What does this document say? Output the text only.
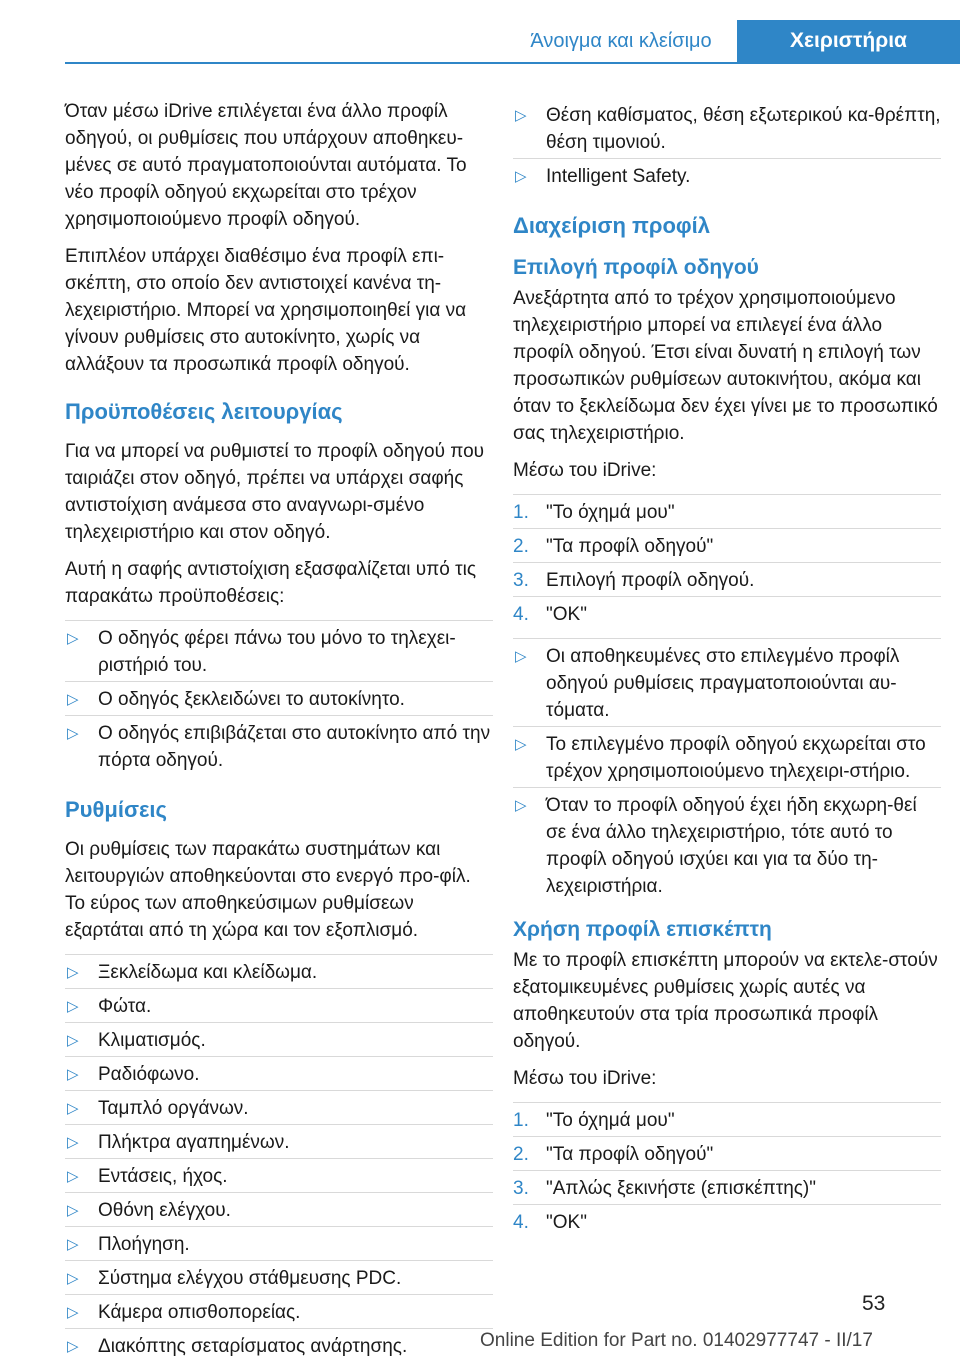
Άνοιγμα και κλείσιμο	Χειριστήρια

Όταν μέσω iDrive επιλέγεται ένα άλλο προφίλ οδηγού, οι ρυθμίσεις που υπάρχουν αποθηκευ‐μένες σε αυτό πραγματοποιούνται αυτόματα. Το νέο προφίλ οδηγού εκχωρείται στο τρέχον χρησιμοποιούμενο προφίλ οδηγού.

Επιπλέον υπάρχει διαθέσιμο ένα προφίλ επι‐σκέπτη, στο οποίο δεν αντιστοιχεί κανένα τη‐λεχειριστήριο. Μπορεί να χρησιμοποιηθεί για να γίνουν ρυθμίσεις στο αυτοκίνητο, χωρίς να αλλάξουν τα προσωπικά προφίλ οδηγού.

Προϋποθέσεις λειτουργίας

Για να μπορεί να ρυθμιστεί το προφίλ οδηγού που ταιριάζει στον οδηγό, πρέπει να υπάρχει σαφής αντιστοίχιση ανάμεσα στο αναγνωρι‐σμένο τηλεχειριστήριο και στον οδηγό.

Αυτή η σαφής αντιστοίχιση εξασφαλίζεται υπό τις παρακάτω προϋποθέσεις:

▷ Ο οδηγός φέρει πάνω του μόνο το τηλεχει‐ριστήριό του.
▷ Ο οδηγός ξεκλειδώνει το αυτοκίνητο.
▷ Ο οδηγός επιβιβάζεται στο αυτοκίνητο από την πόρτα οδηγού.
Ρυθμίσεις

Οι ρυθμίσεις των παρακάτω συστημάτων και λειτουργιών αποθηκεύονται στο ενεργό προ‐φίλ. Το εύρος των αποθηκεύσιμων ρυθμίσεων εξαρτάται από τη χώρα και τον εξοπλισμό.

▷ Ξεκλείδωμα και κλείδωμα.
▷ Φώτα.
▷ Κλιματισμός.
▷ Ραδιόφωνο.
▷ Ταμπλό οργάνων.
▷ Πλήκτρα αγαπημένων.
▷ Εντάσεις, ήχος.
▷ Οθόνη ελέγχου.
▷ Πλοήγηση.
▷ Σύστημα ελέγχου στάθμευσης PDC.
▷ Κάμερα οπισθοπορείας.
▷ Διακόπτης σεταρίσματος ανάρτησης.
▷ Θέση καθίσματος, θέση εξωτερικού κα‐θρέπτη, θέση τιμονιού.
▷ Intelligent Safety.
Διαχείριση προφίλ
Επιλογή προφίλ οδηγού

Ανεξάρτητα από το τρέχον χρησιμοποιούμενο τηλεχειριστήριο μπορεί να επιλεγεί ένα άλλο προφίλ οδηγού. Έτσι είναι δυνατή η επιλογή των προσωπικών ρυθμίσεων αυτοκινήτου, ακόμα και όταν το ξεκλείδωμα δεν έχει γίνει με το προσωπικό σας τηλεχειριστήριο.

Μέσω του iDrive:

1. "Το όχημά μου"
2. "Τα προφίλ οδηγού"
3. Επιλογή προφίλ οδηγού.
4. "OK"
▷ Οι αποθηκευμένες στο επιλεγμένο προφίλ οδηγού ρυθμίσεις πραγματοποιούνται αυ‐τόματα.
▷ Το επιλεγμένο προφίλ οδηγού εκχωρείται στο τρέχον χρησιμοποιούμενο τηλεχειρι‐στήριο.
▷ Όταν το προφίλ οδηγού έχει ήδη εκχωρη‐θεί σε ένα άλλο τηλεχειριστήριο, τότε αυτό το προφίλ οδηγού ισχύει και για τα δύο τη‐λεχειριστήρια.
Χρήση προφίλ επισκέπτη

Με το προφίλ επισκέπτη μπορούν να εκτελε‐στούν εξατομικευμένες ρυθμίσεις χωρίς αυτές να αποθηκευτούν στα τρία προσωπικά προφίλ οδηγού.

Μέσω του iDrive:

1. "Το όχημά μου"
2. "Τα προφίλ οδηγού"
3. "Απλώς ξεκινήστε (επισκέπτης)"
4. "OK"
53
Online Edition for Part no. 01402977747 - II/17
